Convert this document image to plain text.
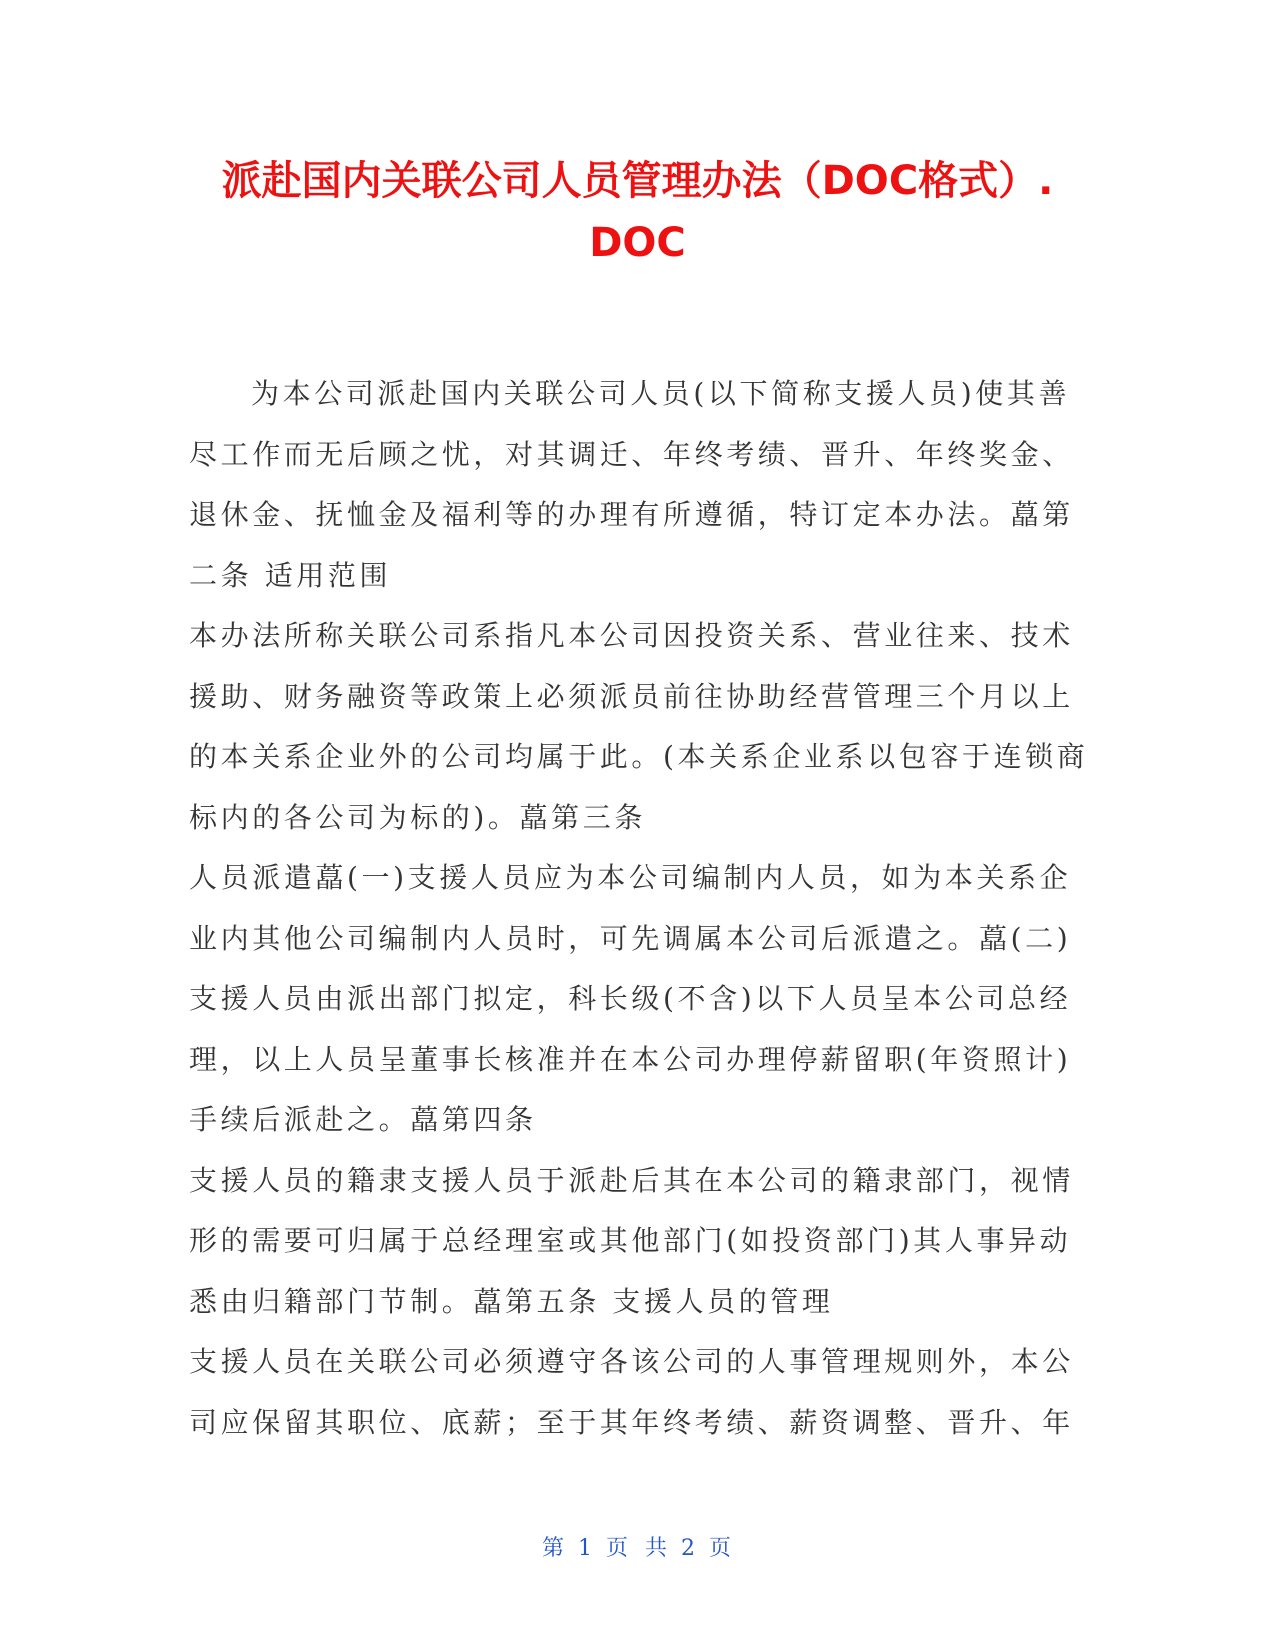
派赴国内关联公司人员管理办法（DOC格式）.
DOC
为本公司派赴国内关联公司人员(以下简称支援人员)使其善
尽工作而无后顾之忧，对其调迁、年终考绩、晋升、年终奖金、
退休金、抚恤金及福利等的办理有所遵循，特订定本办法。藠第
二条 适用范围
本办法所称关联公司系指凡本公司因投资关系、营业往来、技术
援助、财务融资等政策上必须派员前往协助经营管理三个月以上
的本关系企业外的公司均属于此。(本关系企业系以包容于连锁商
标内的各公司为标的)。藠第三条
人员派遣藠(一)支援人员应为本公司编制内人员，如为本关系企
业内其他公司编制内人员时，可先调属本公司后派遣之。藠(二)
支援人员由派出部门拟定，科长级(不含)以下人员呈本公司总经
理，以上人员呈董事长核准并在本公司办理停薪留职(年资照计)
手续后派赴之。藠第四条
支援人员的籍隶支援人员于派赴后其在本公司的籍隶部门，视情
形的需要可归属于总经理室或其他部门(如投资部门)其人事异动
悉由归籍部门节制。藠第五条 支援人员的管理
支援人员在关联公司必须遵守各该公司的人事管理规则外，本公
司应保留其职位、底薪；至于其年终考绩、薪资调整、晋升、年
第 1 页 共 2 页
